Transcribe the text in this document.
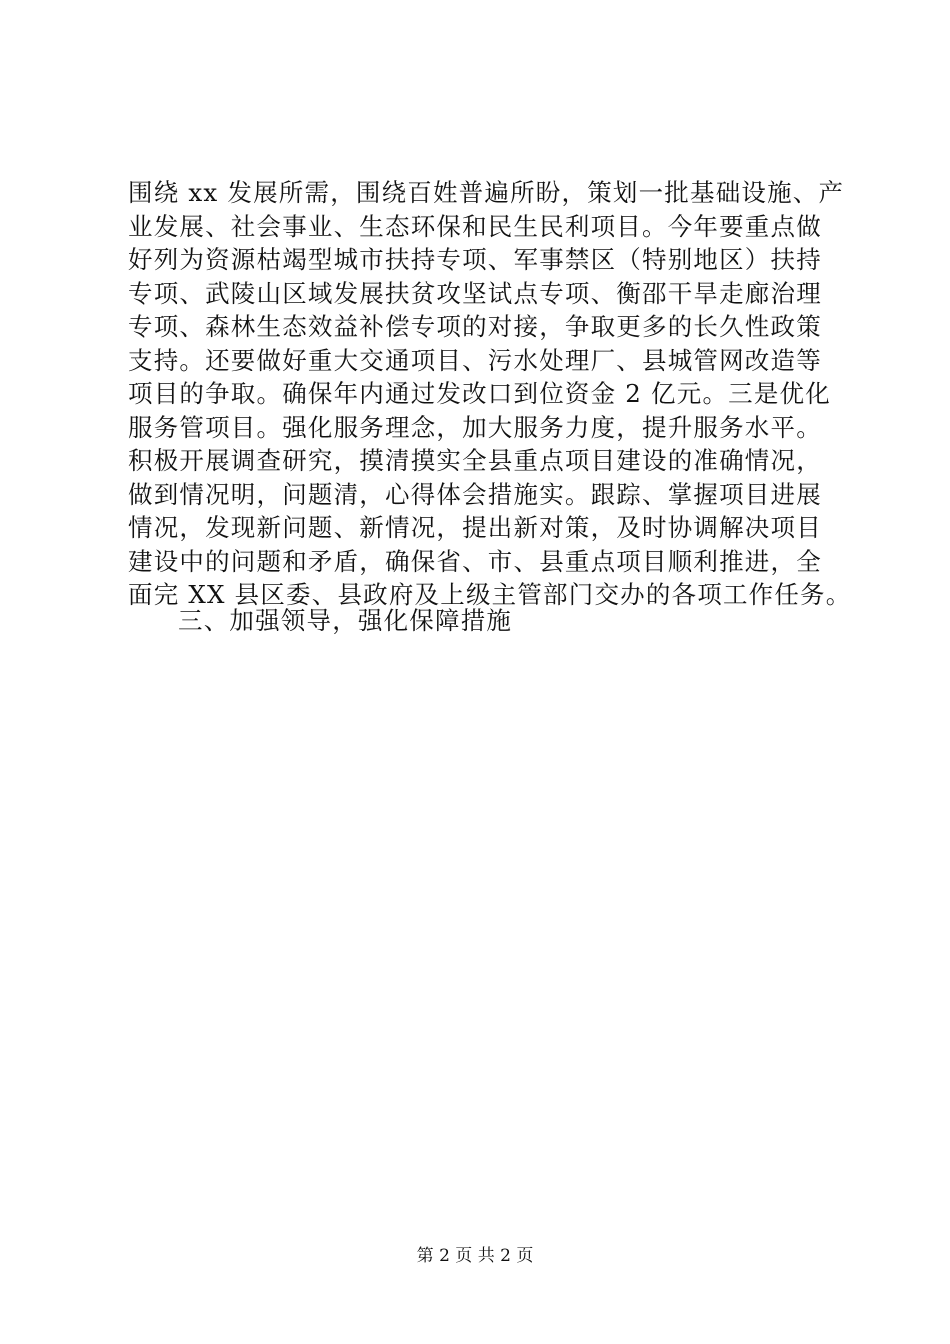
围绕 xx 发展所需，围绕百姓普遍所盼，策划一批基础设施、产
业发展、社会事业、生态环保和民生民利项目。今年要重点做
好列为资源枯竭型城市扶持专项、军事禁区（特别地区）扶持
专项、武陵山区域发展扶贫攻坚试点专项、衡邵干旱走廊治理
专项、森林生态效益补偿专项的对接，争取更多的长久性政策
支持。还要做好重大交通项目、污水处理厂、县城管网改造等
项目的争取。确保年内通过发改口到位资金 2 亿元。三是优化
服务管项目。强化服务理念，加大服务力度，提升服务水平。
积极开展调查研究，摸清摸实全县重点项目建设的准确情况，
做到情况明，问题清，心得体会措施实。跟踪、掌握项目进展
情况，发现新问题、新情况，提出新对策，及时协调解决项目
建设中的问题和矛盾，确保省、市、县重点项目顺利推进，全
面完 XX 县区委、县政府及上级主管部门交办的各项工作任务。

三、加强领导，强化保障措施

第 2 页 共 2 页
